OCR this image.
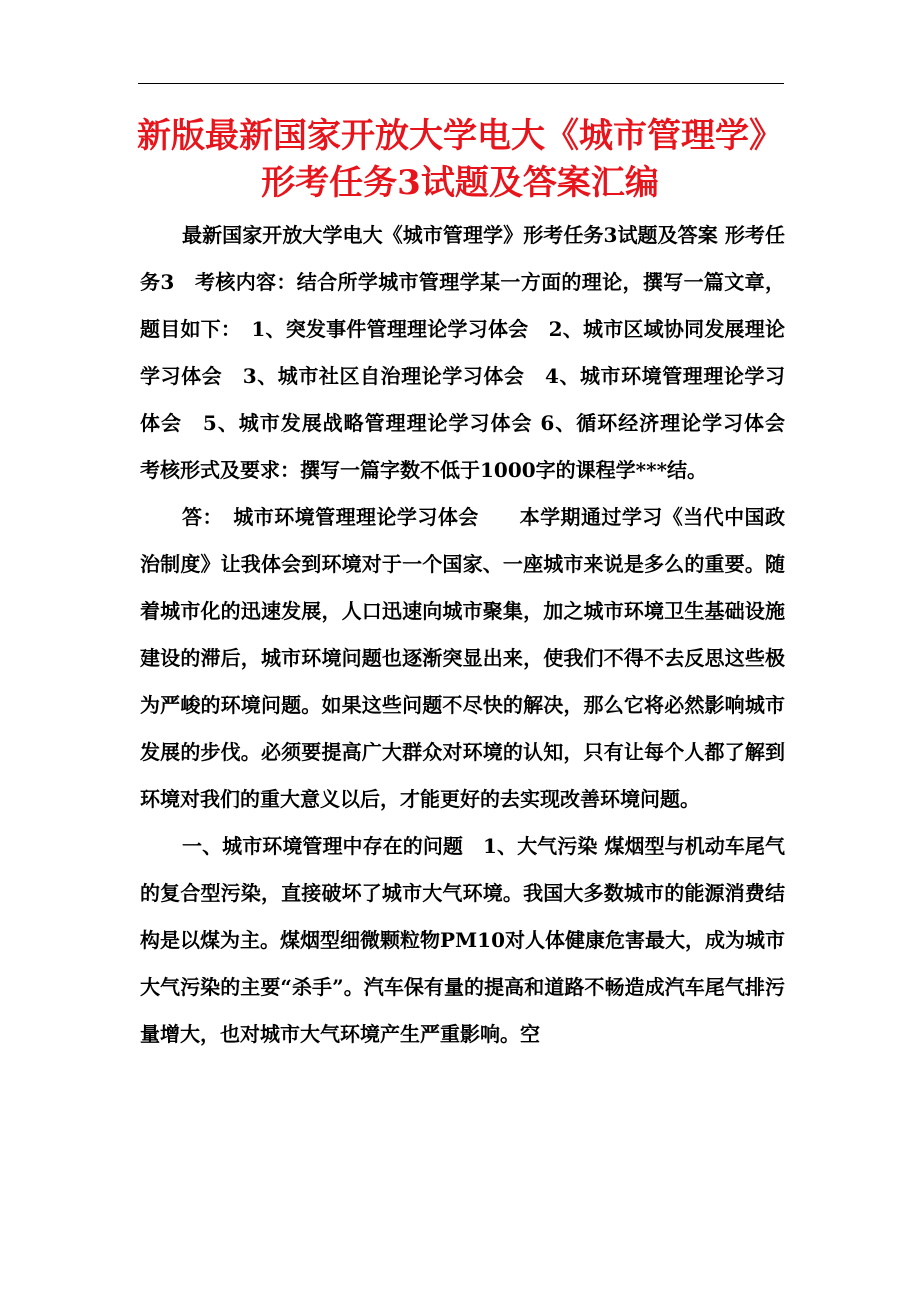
新版最新国家开放大学电大《城市管理学》
形考任务3试题及答案汇编

最新国家开放大学电大《城市管理学》形考任务3试题及答案 形考任务3　考核内容：结合所学城市管理学某一方面的理论，撰写一篇文章，题目如下：　1、突发事件管理理论学习体会　2、城市区域协同发展理论学习体会　3、城市社区自治理论学习体会　4、城市环境管理理论学习体会　5、城市发展战略管理理论学习体会 6、循环经济理论学习体会　考核形式及要求：撰写一篇字数不低于1000字的课程学***结。

答：　城市环境管理理论学习体会　　本学期通过学习《当代中国政治制度》让我体会到环境对于一个国家、一座城市来说是多么的重要。随着城市化的迅速发展，人口迅速向城市聚集，加之城市环境卫生基础设施建设的滞后，城市环境问题也逐渐突显出来，使我们不得不去反思这些极为严峻的环境问题。如果这些问题不尽快的解决，那么它将必然影响城市发展的步伐。必须要提高广大群众对环境的认知，只有让每个人都了解到环境对我们的重大意义以后，才能更好的去实现改善环境问题。

一、城市环境管理中存在的问题　1、大气污染 煤烟型与机动车尾气的复合型污染，直接破坏了城市大气环境。我国大多数城市的能源消费结构是以煤为主。煤烟型细微颗粒物PM10对人体健康危害最大，成为城市大气污染的主要“杀手”。汽车保有量的提高和道路不畅造成汽车尾气排污量增大，也对城市大气环境产生严重影响。空
